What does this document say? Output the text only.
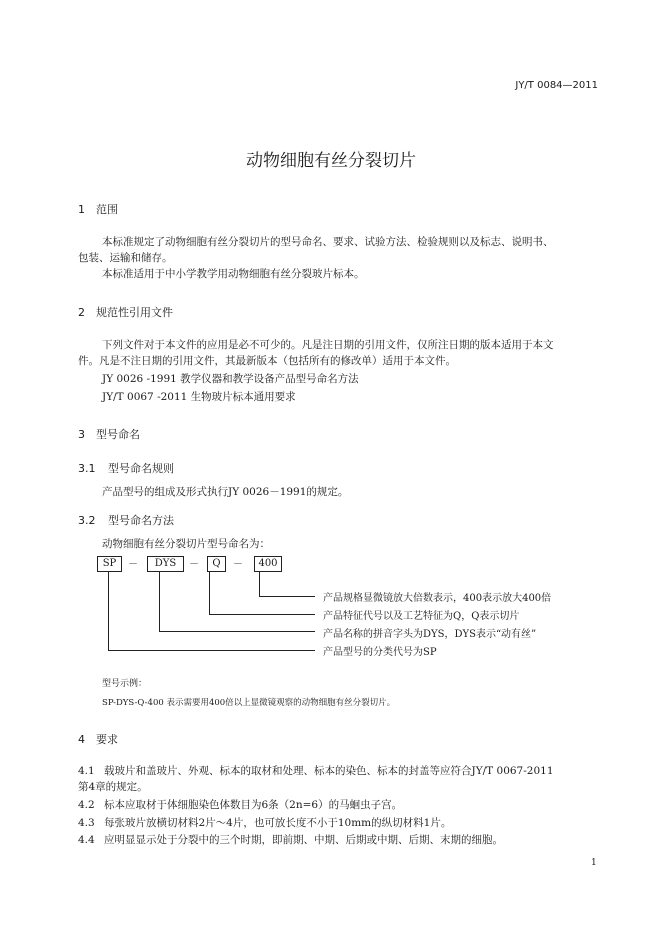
JY/T 0084—2011
动物细胞有丝分裂切片
1 范围
本标准规定了动物细胞有丝分裂切片的型号命名、要求、试验方法、检验规则以及标志、说明书、
包装、运输和储存。
本标准适用于中小学教学用动物细胞有丝分裂玻片标本。
2 规范性引用文件
下列文件对于本文件的应用是必不可少的。凡是注日期的引用文件，仅所注日期的版本适用于本文
件。凡是不注日期的引用文件，其最新版本（包括所有的修改单）适用于本文件。
JY 0026 -1991 教学仪器和教学设备产品型号命名方法
JY/T 0067 -2011 生物玻片标本通用要求
3 型号命名
3.1 型号命名规则
产品型号的组成及形式执行JY 0026－1991的规定。
3.2 型号命名方法
动物细胞有丝分裂切片型号命名为：
SP	－	DYS	－	Q	－	400
产品规格显微镜放大倍数表示，400表示放大400倍
产品特征代号以及工艺特征为Q，Q表示切片
产品名称的拼音字头为DYS，DYS表示“动有丝”
产品型号的分类代号为SP
型号示例：
SP-DYS-Q-400 表示需要用400倍以上显微镜观察的动物细胞有丝分裂切片。
4 要求
4.1 载玻片和盖玻片、外观、标本的取材和处理、标本的染色、标本的封盖等应符合JY/T 0067-2011
第4章的规定。
4.2 标本应取材于体细胞染色体数目为6条（2n=6）的马蛔虫子宫。
4.3 每张玻片放横切材料2片～4片，也可放长度不小于10mm的纵切材料1片。
4.4 应明显显示处于分裂中的三个时期，即前期、中期、后期或中期、后期、末期的细胞。
1
